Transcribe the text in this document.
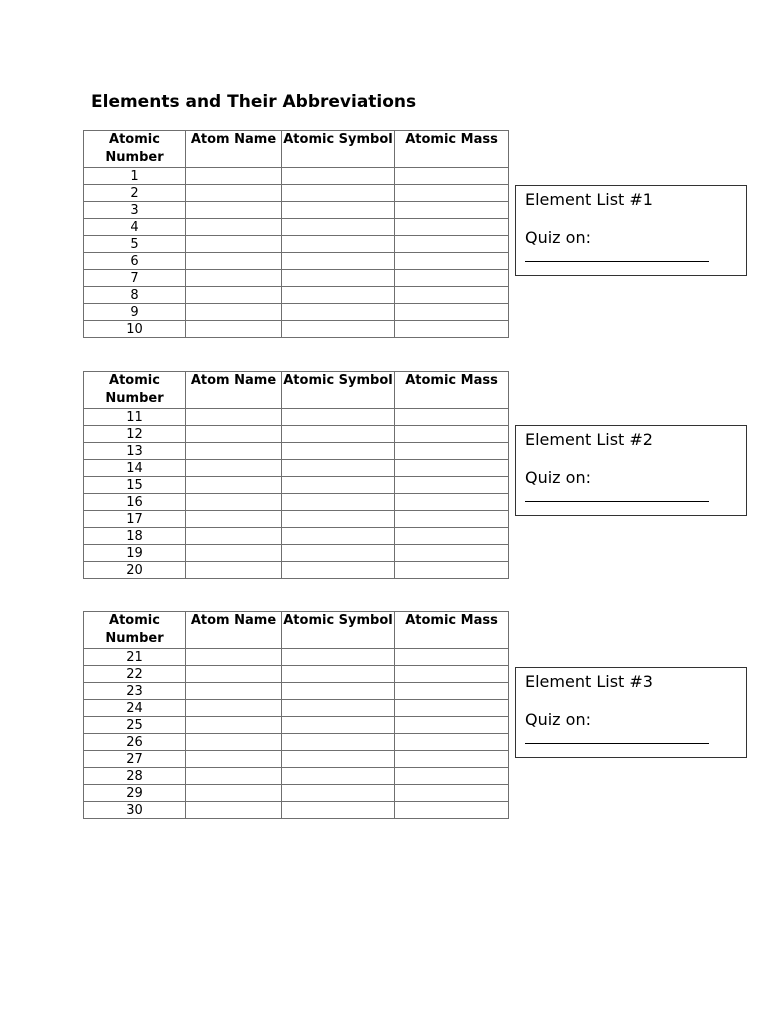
Elements and Their Abbreviations
Atomic Number	Atom Name	Atomic Symbol	Atomic Mass
1			
2			
3			
4			
5			
6			
7			
8			
9			
10			
Element List #1
Quiz on:
Atomic Number	Atom Name	Atomic Symbol	Atomic Mass
11			
12			
13			
14			
15			
16			
17			
18			
19			
20			
Element List #2
Quiz on:
Atomic Number	Atom Name	Atomic Symbol	Atomic Mass
21			
22			
23			
24			
25			
26			
27			
28			
29			
30			
Element List #3
Quiz on:
